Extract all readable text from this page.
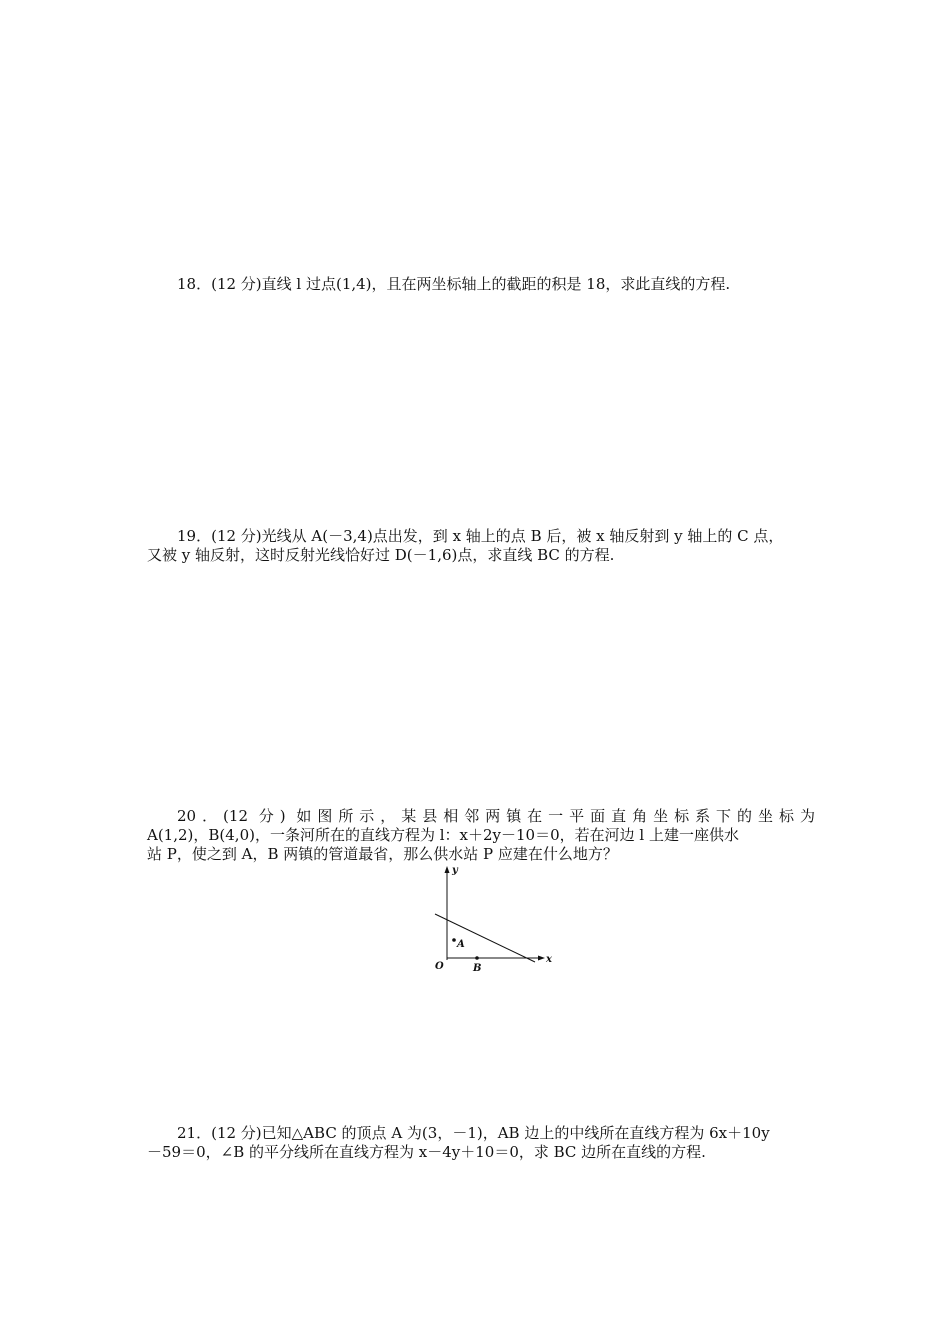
18．(12 分)直线 l 过点(1,4)，且在两坐标轴上的截距的积是 18，求此直线的方程.
19．(12 分)光线从 A(－3,4)点出发，到 x 轴上的点 B 后，被 x 轴反射到 y 轴上的 C 点，
又被 y 轴反射，这时反射光线恰好过 D(－1,6)点，求直线 BC 的方程.
20．(12 分) 如图所示，某县相邻两镇在一平面直角坐标系下的坐标为
A(1,2)，B(4,0)，一条河所在的直线方程为 l：x＋2y－10＝0，若在河边 l 上建一座供水
站 P，使之到 A，B 两镇的管道最省，那么供水站 P 应建在什么地方？
y
x
O
A
B
21．(12 分)已知△ABC 的顶点 A 为(3，－1)，AB 边上的中线所在直线方程为 6x＋10y
－59＝0，∠B 的平分线所在直线方程为 x－4y＋10＝0，求 BC 边所在直线的方程.
